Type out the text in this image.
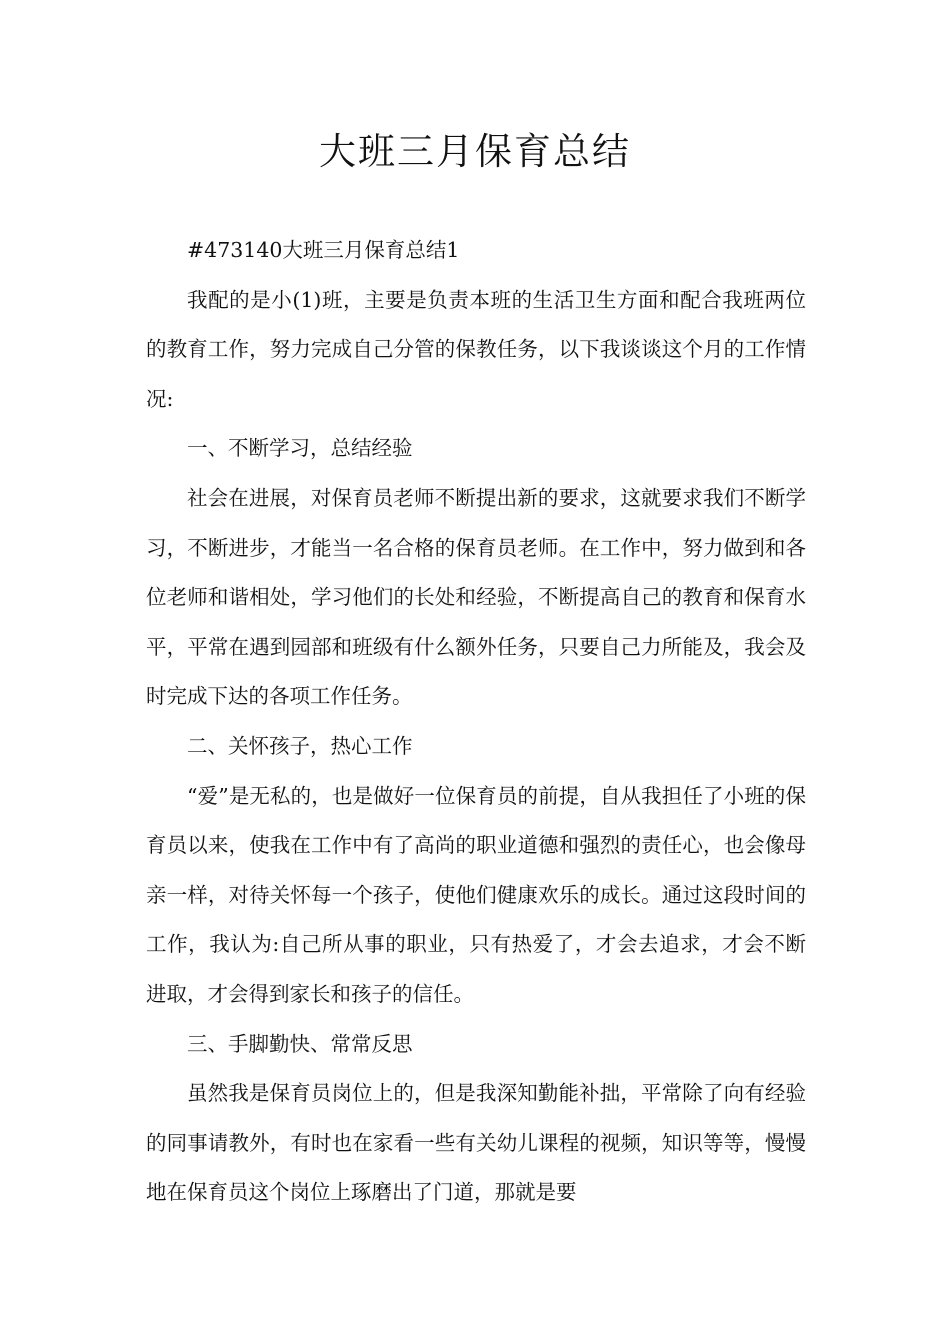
大班三月保育总结

#473140大班三月保育总结1

我配的是小(1)班，主要是负责本班的生活卫生方面和配合我班两位的教育工作，努力完成自己分管的保教任务，以下我谈谈这个月的工作情况:

一、不断学习，总结经验

社会在进展，对保育员老师不断提出新的要求，这就要求我们不断学习，不断进步，才能当一名合格的保育员老师。在工作中，努力做到和各位老师和谐相处，学习他们的长处和经验，不断提高自己的教育和保育水平，平常在遇到园部和班级有什么额外任务，只要自己力所能及，我会及时完成下达的各项工作任务。

二、关怀孩子，热心工作

“爱”是无私的，也是做好一位保育员的前提，自从我担任了小班的保育员以来，使我在工作中有了高尚的职业道德和强烈的责任心，也会像母亲一样，对待关怀每一个孩子，使他们健康欢乐的成长。通过这段时间的工作，我认为:自己所从事的职业，只有热爱了，才会去追求，才会不断进取，才会得到家长和孩子的信任。

三、手脚勤快、常常反思

虽然我是保育员岗位上的，但是我深知勤能补拙，平常除了向有经验的同事请教外，有时也在家看一些有关幼儿课程的视频，知识等等，慢慢地在保育员这个岗位上琢磨出了门道，那就是要
